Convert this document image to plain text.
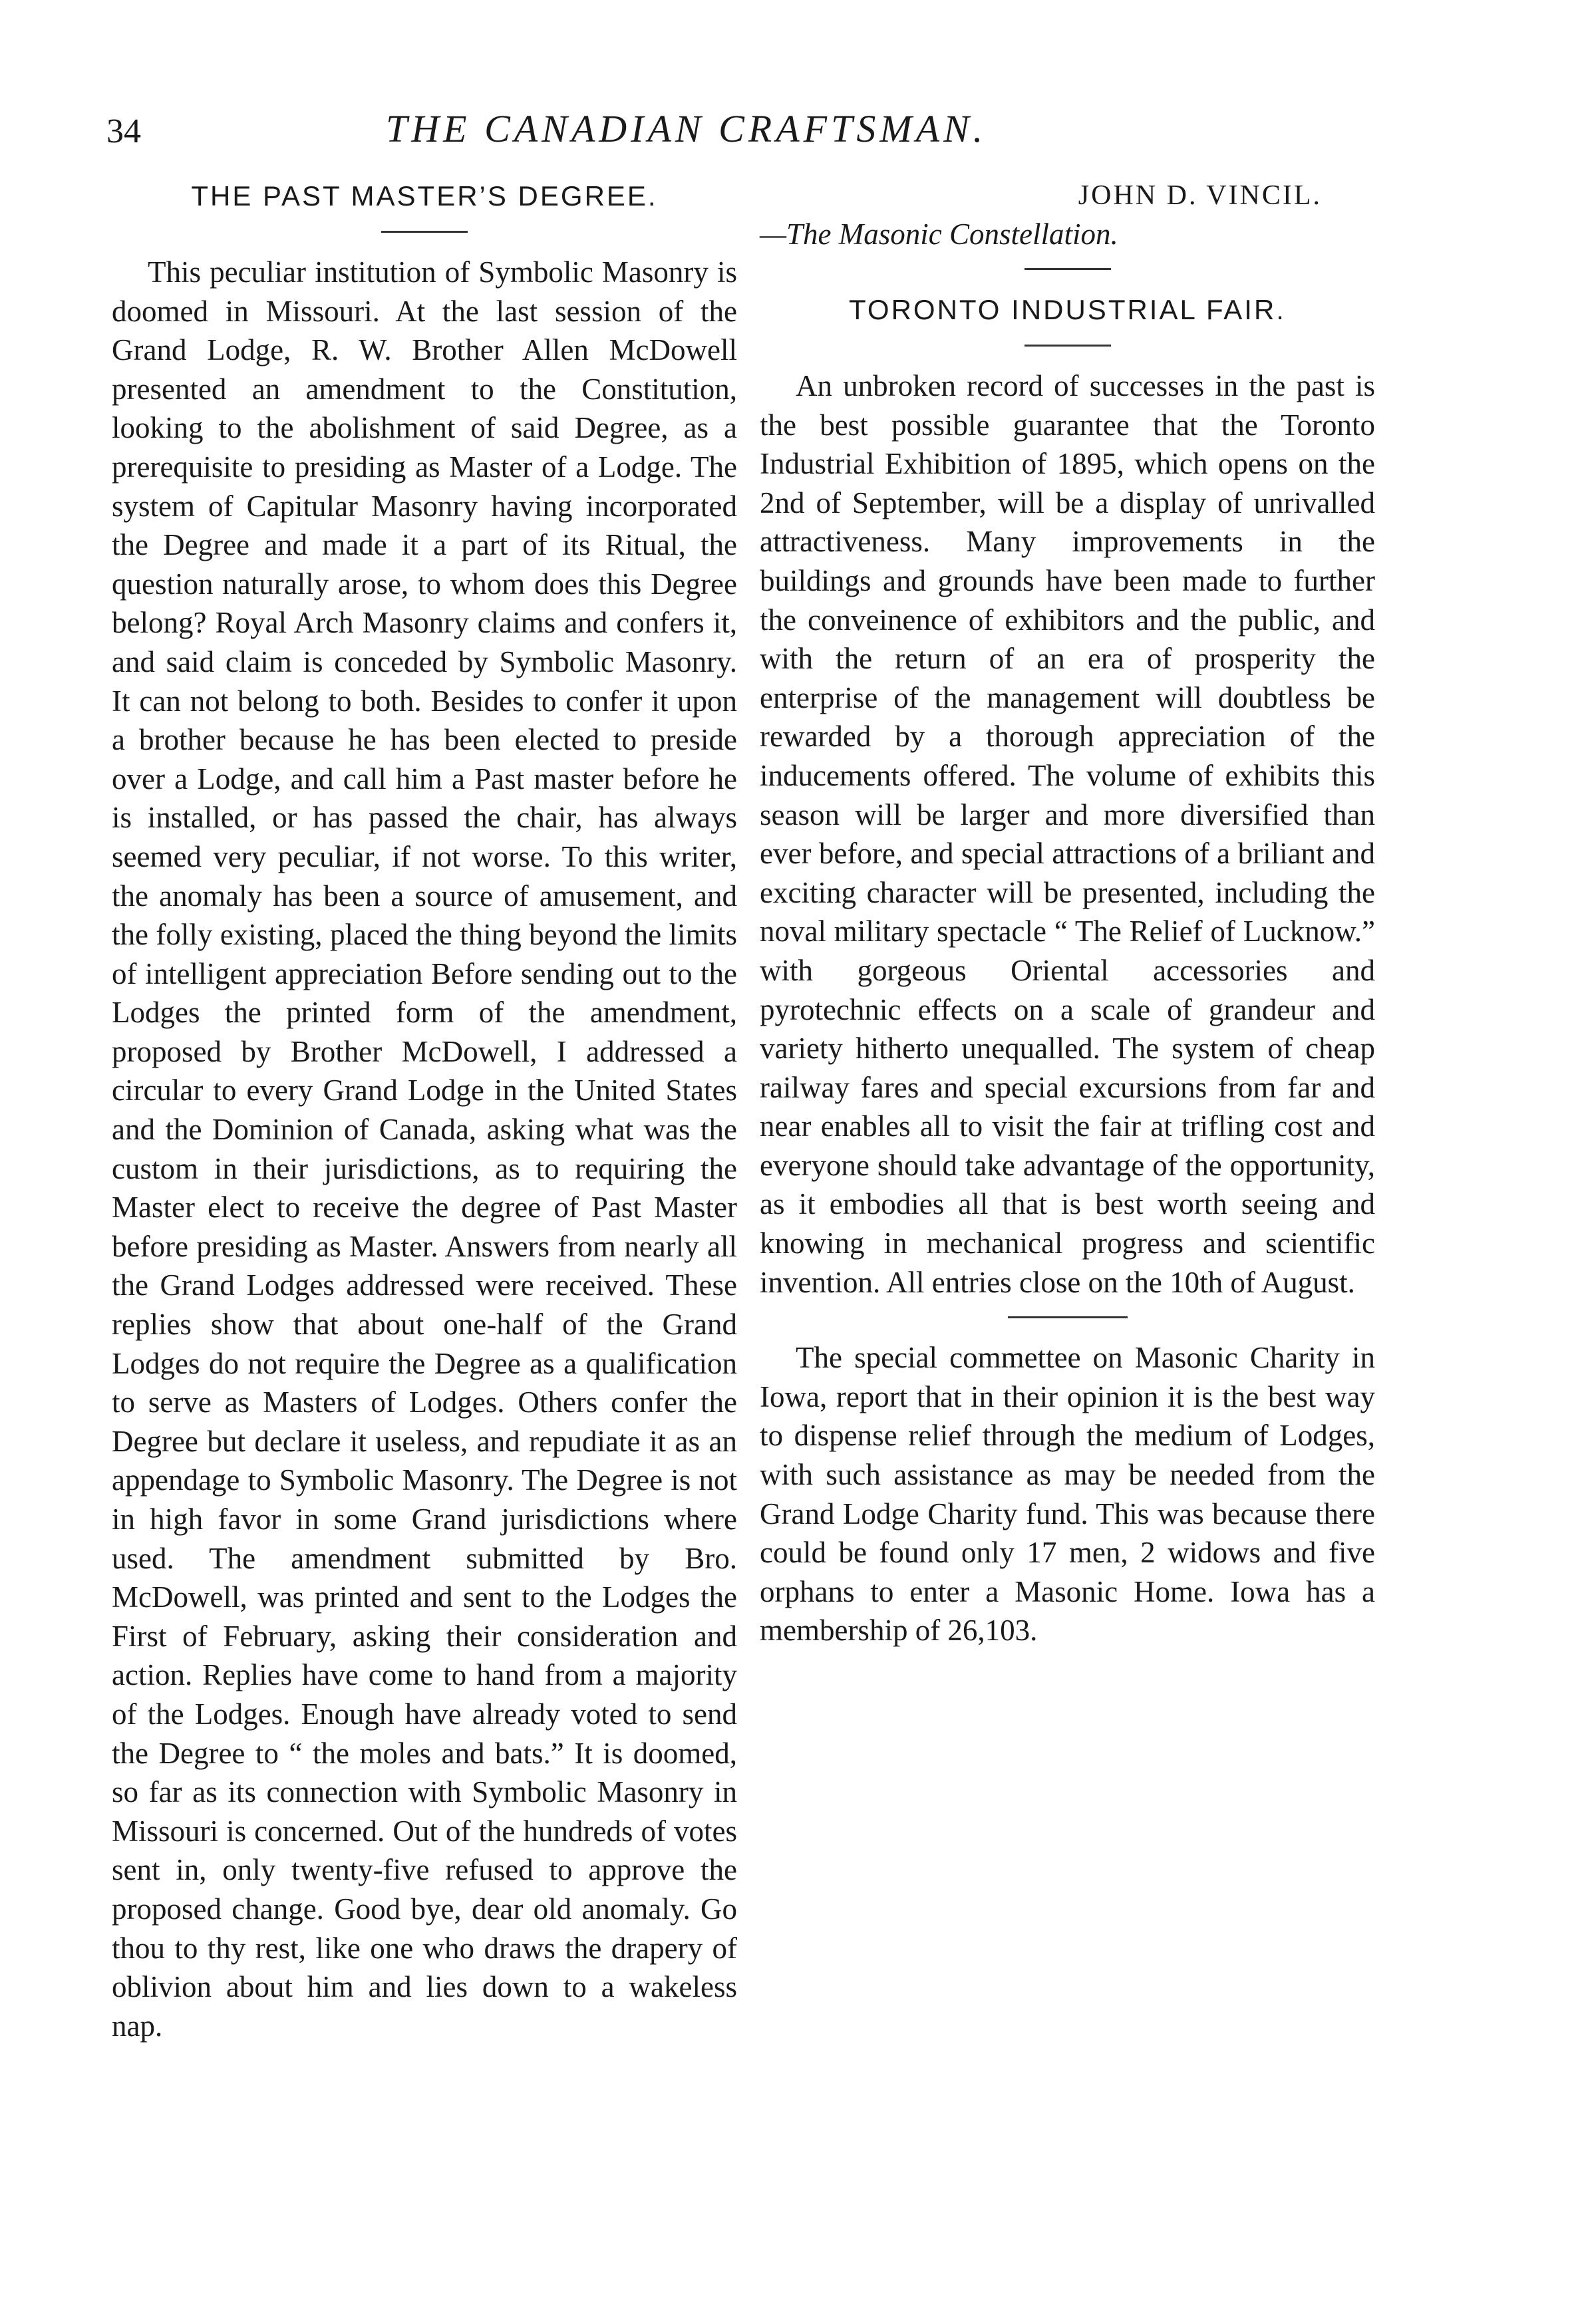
34	THE CANADIAN CRAFTSMAN.
THE PAST MASTER’S DEGREE.

This peculiar institution of Symbolic Masonry is doomed in Missouri. At the last session of the Grand Lodge, R. W. Brother Allen McDowell presented an amendment to the Constitution, looking to the abolishment of said Degree, as a prerequisite to presiding as Master of a Lodge. The system of Capitular Masonry having incorporated the Degree and made it a part of its Ritual, the question naturally arose, to whom does this Degree belong? Royal Arch Masonry claims and confers it, and said claim is conceded by Symbolic Masonry. It can not belong to both. Besides to confer it upon a brother because he has been elected to preside over a Lodge, and call him a Past master before he is installed, or has passed the chair, has always seemed very peculiar, if not worse. To this writer, the anomaly has been a source of amusement, and the folly existing, placed the thing beyond the limits of intelligent appreciation Before sending out to the Lodges the printed form of the amendment, proposed by Brother McDowell, I addressed a circular to every Grand Lodge in the United States and the Dominion of Canada, asking what was the custom in their jurisdictions, as to requiring the Master elect to receive the degree of Past Master before presiding as Master. Answers from nearly all the Grand Lodges addressed were received. These replies show that about one-half of the Grand Lodges do not require the Degree as a qualification to serve as Masters of Lodges. Others confer the Degree but declare it useless, and repudiate it as an appendage to Symbolic Masonry. The Degree is not in high favor in some Grand jurisdictions where used. The amendment submitted by Bro. McDowell, was printed and sent to the Lodges the First of February, asking their consideration and action. Replies have come to hand from a majority of the Lodges. Enough have already voted to send the Degree to “ the moles and bats.” It is doomed, so far as its connection with Symbolic Masonry in Missouri is concerned. Out of the hundreds of votes sent in, only twenty-five refused to approve the proposed change. Good bye, dear old anomaly. Go thou to thy rest, like one who draws the drapery of oblivion about him and lies down to a wakeless nap.

JOHN D. VINCIL.

—The Masonic Constellation.

TORONTO INDUSTRIAL FAIR.

An unbroken record of successes in the past is the best possible guarantee that the Toronto Industrial Exhibition of 1895, which opens on the 2nd of September, will be a display of unrivalled attractiveness. Many improvements in the buildings and grounds have been made to further the conveinence of exhibitors and the public, and with the return of an era of prosperity the enterprise of the management will doubtless be rewarded by a thorough appreciation of the inducements offered. The volume of exhibits this season will be larger and more diversified than ever before, and special attractions of a briliant and exciting character will be presented, including the noval military spectacle “ The Relief of Lucknow.” with gorgeous Oriental accessories and pyrotechnic effects on a scale of grandeur and variety hitherto unequalled. The system of cheap railway fares and special excursions from far and near enables all to visit the fair at trifling cost and everyone should take advantage of the opportunity, as it embodies all that is best worth seeing and knowing in mechanical progress and scientific invention. All entries close on the 10th of August.

The special commettee on Masonic Charity in Iowa, report that in their opinion it is the best way to dispense relief through the medium of Lodges, with such assistance as may be needed from the Grand Lodge Charity fund. This was because there could be found only 17 men, 2 widows and five orphans to enter a Masonic Home. Iowa has a membership of 26,103.
